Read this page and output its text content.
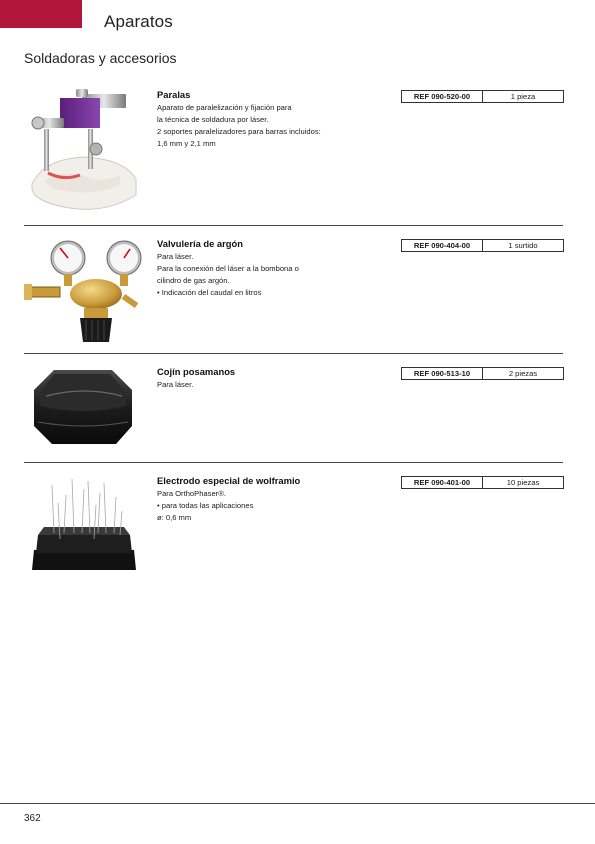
Aparatos
Soldadoras y accesorios
Paralas
Aparato de paralelización y fijación para
la técnica de soldadura por láser.
2 soportes paralelizadores para barras incluidos:
1,6 mm y 2,1 mm
REF 090-520-00	1 pieza
Valvulería de argón
Para láser.
Para la conexión del láser a la bombona o
cilindro de gas argón.
• Indicación del caudal en litros
REF 090-404-00	1 surtido
Cojín posamanos
Para láser.
REF 090-513-10	2 piezas
Electrodo especial de wolframio
Para OrthoPhaser®.
• para todas las aplicaciones
ø: 0,6 mm
REF 090-401-00	10 piezas
362
